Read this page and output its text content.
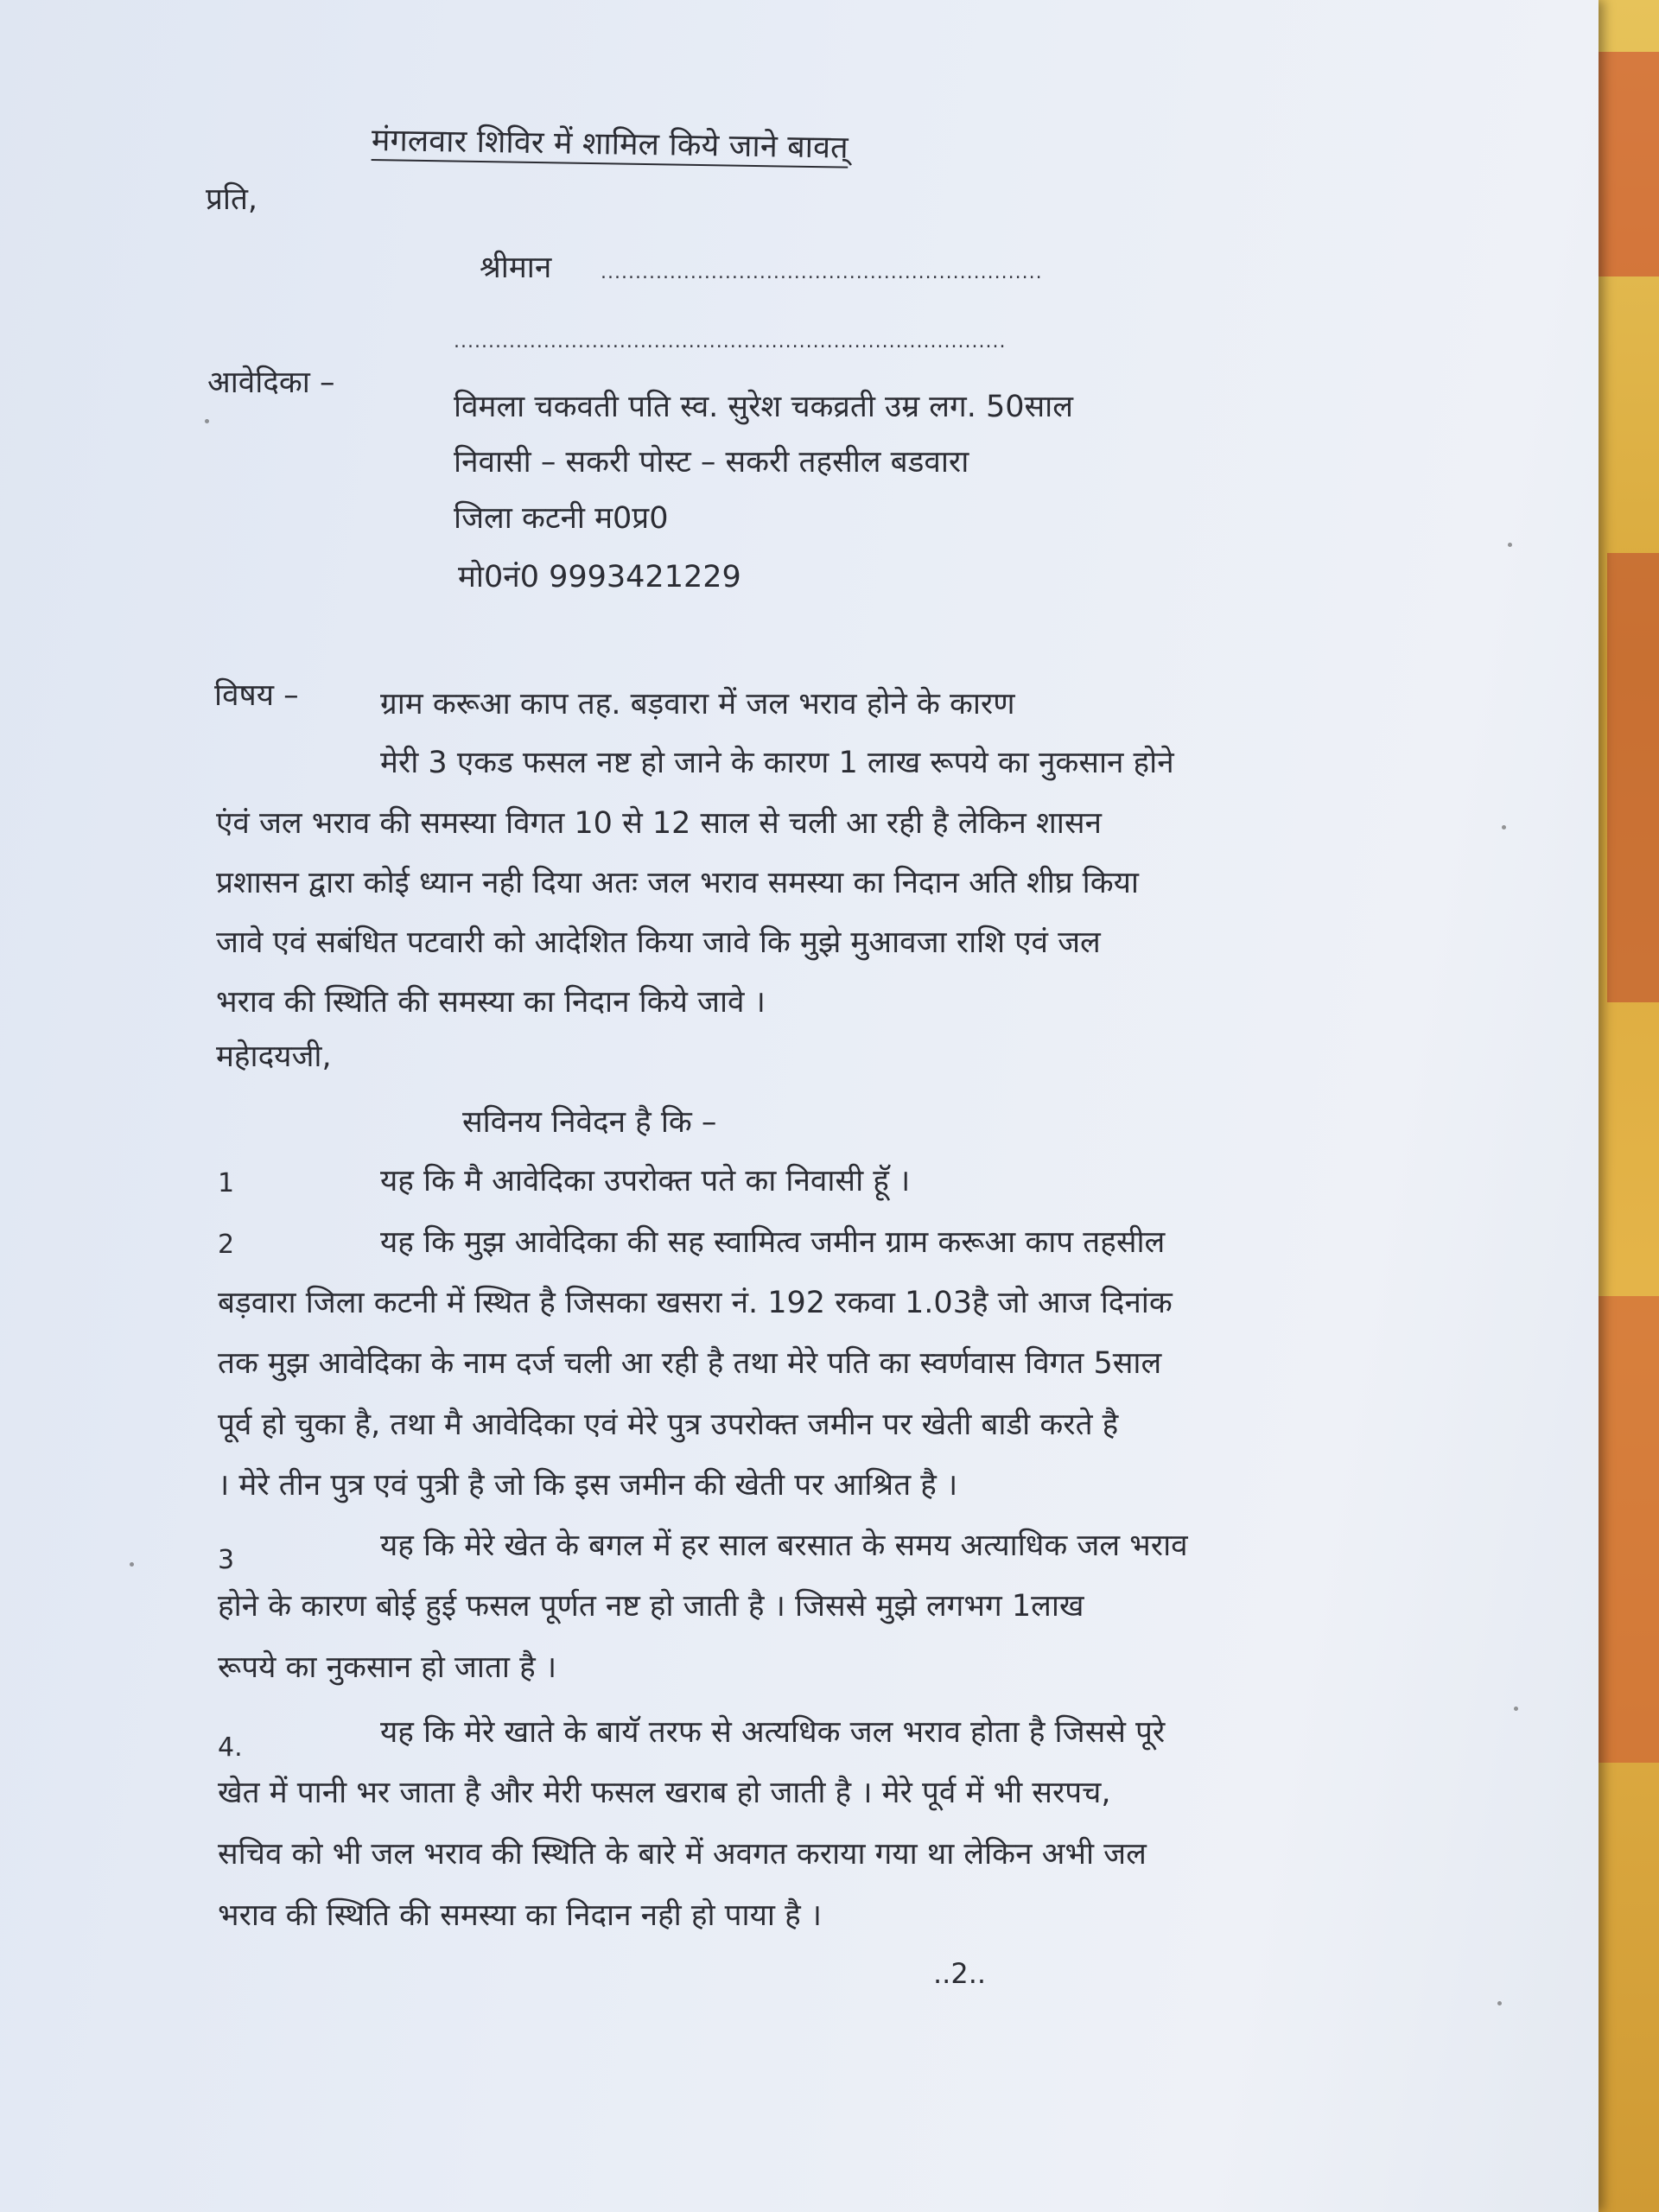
मंगलवार शिविर में शामिल किये जाने बावत्
प्रति,
श्रीमान	................................................................
................................................................................
आवेदिका –
विमला चकवती पति स्व. सुरेश चकव्रती उम्र लग. 50साल
निवासी – सकरी पोस्ट – सकरी तहसील बडवारा
जिला कटनी म0प्र0
मो0नं0 9993421229
विषय –	ग्राम करूआ काप तह. बड़वारा में जल भराव होने के कारण
मेरी 3 एकड फसल नष्ट हो जाने के कारण 1 लाख रूपये का नुकसान होने
एंवं जल भराव की समस्या विगत 10 से 12 साल से चली आ रही है लेकिन शासन
प्रशासन द्वारा कोई ध्यान नही दिया अतः जल भराव समस्या का निदान अति शीघ्र किया
जावे एवं सबंधित पटवारी को आदेशित किया जावे कि मुझे मुआवजा राशि एवं जल
भराव की स्थिति की समस्या का निदान किये जावे ।
महेादयजी,
सविनय निवेदन है कि –
1	यह कि मै आवेदिका उपरोक्त पते का निवासी हूॅ ।
2	यह कि मुझ आवेदिका की सह स्वामित्व जमीन ग्राम करूआ काप तहसील
बड़वारा जिला कटनी में स्थित है जिसका खसरा नं. 192 रकवा 1.03है जो आज दिनांक
तक मुझ आवेदिका के नाम दर्ज चली आ रही है तथा मेरे पति का स्वर्णवास विगत 5साल
पूर्व हो चुका है, तथा मै आवेदिका एवं मेरे पुत्र उपरोक्त जमीन पर खेती बाडी करते है
। मेरे तीन पुत्र एवं पुत्री है जो कि इस जमीन की खेती पर आश्रित है ।
3	यह कि मेरे खेत के बगल में हर साल बरसात के समय अत्याधिक जल भराव
होने के कारण बोई हुई फसल पूर्णत नष्ट हो जाती है । जिससे मुझे लगभग 1लाख
रूपये का नुकसान हो जाता है ।
4.	यह कि मेरे खाते के बायॅ तरफ से अत्यधिक जल भराव होता है जिससे पूरे
खेत में पानी भर जाता है और मेरी फसल खराब हो जाती है । मेरे पूर्व में भी सरपच,
सचिव को भी जल भराव की स्थिति के बारे में अवगत कराया गया था लेकिन अभी जल
भराव की स्थिति की समस्या का निदान नही हो पाया है ।
..2..
